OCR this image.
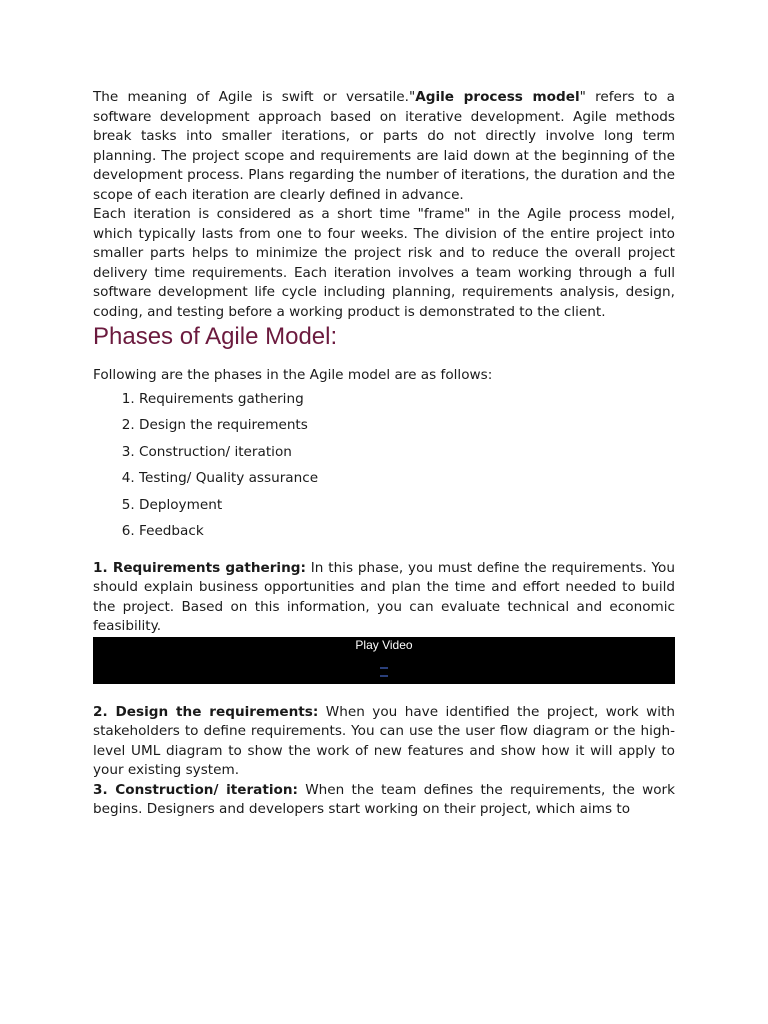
The meaning of Agile is swift or versatile."Agile process model" refers to a software development approach based on iterative development. Agile methods break tasks into smaller iterations, or parts do not directly involve long term planning. The project scope and requirements are laid down at the beginning of the development process. Plans regarding the number of iterations, the duration and the scope of each iteration are clearly defined in advance.

Each iteration is considered as a short time "frame" in the Agile process model, which typically lasts from one to four weeks. The division of the entire project into smaller parts helps to minimize the project risk and to reduce the overall project delivery time requirements. Each iteration involves a team working through a full software development life cycle including planning, requirements analysis, design, coding, and testing before a working product is demonstrated to the client.

Phases of Agile Model:

Following are the phases in the Agile model are as follows:

1. Requirements gathering
2. Design the requirements
3. Construction/ iteration
4. Testing/ Quality assurance
5. Deployment
6. Feedback

1. Requirements gathering: In this phase, you must define the requirements. You should explain business opportunities and plan the time and effort needed to build the project. Based on this information, you can evaluate technical and economic feasibility.

Play Video

2. Design the requirements: When you have identified the project, work with stakeholders to define requirements. You can use the user flow diagram or the high-level UML diagram to show the work of new features and show how it will apply to your existing system.

3. Construction/ iteration: When the team defines the requirements, the work begins. Designers and developers start working on their project, which aims to
